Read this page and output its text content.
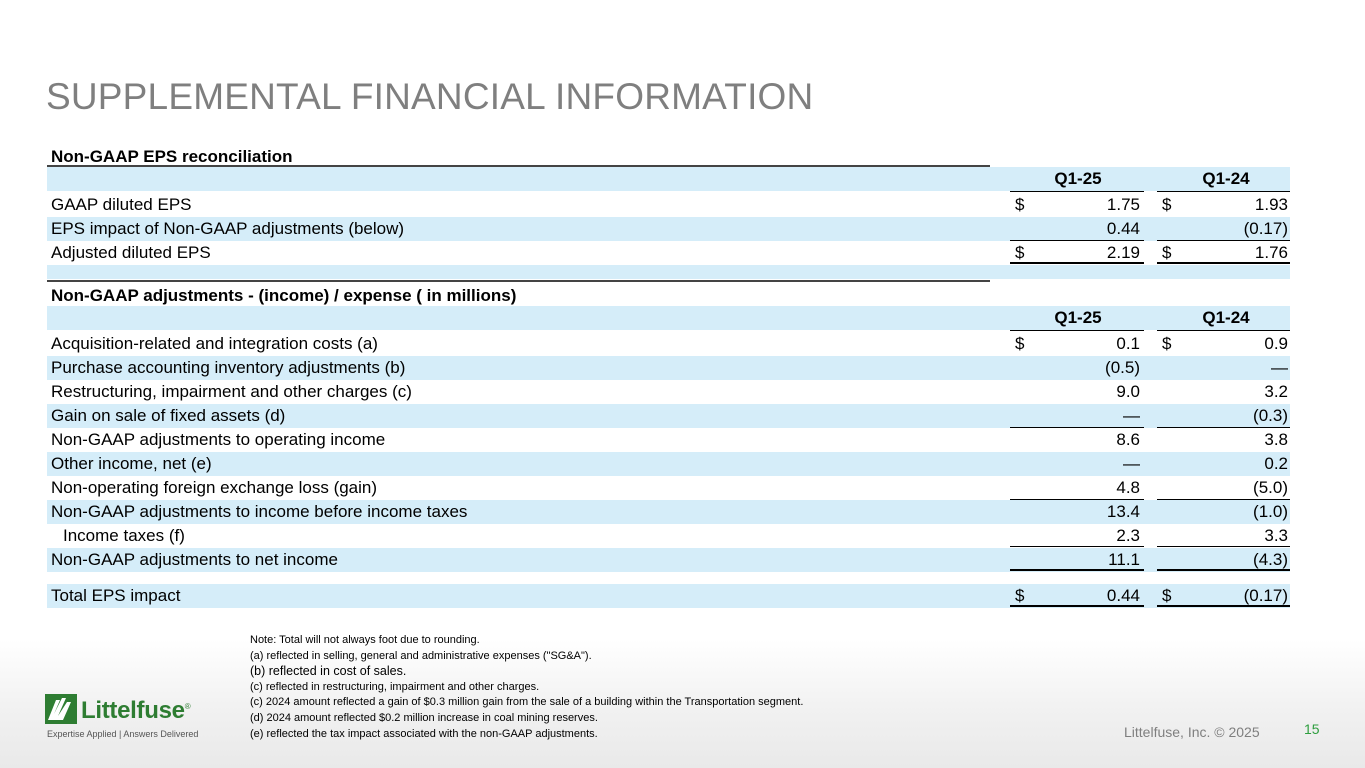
SUPPLEMENTAL FINANCIAL INFORMATION
Non-GAAP EPS reconciliation
Q1-25	Q1-24
GAAP diluted EPS	$	1.75 $	1.93
EPS impact of Non-GAAP adjustments (below)	0.44	(0.17)
Adjusted diluted EPS	$	2.19 $	1.76
Non-GAAP adjustments - (income) / expense ( in millions)
Q1-25	Q1-24
Acquisition-related and integration costs (a)	$	0.1 $	0.9
Purchase accounting inventory adjustments (b)	(0.5)	—
Restructuring, impairment and other charges (c)	9.0	3.2
Gain on sale of fixed assets (d)	—	(0.3)
Non-GAAP adjustments to operating income	8.6	3.8
Other income, net (e)	—	0.2
Non-operating foreign exchange loss (gain)	4.8	(5.0)
Non-GAAP adjustments to income before income taxes	13.4	(1.0)
Income taxes (f)	2.3	3.3
Non-GAAP adjustments to net income	11.1	(4.3)
Total EPS impact	$	0.44 $	(0.17)
Note: Total will not always foot due to rounding.
(a) reflected in selling, general and administrative expenses ("SG&A").
(b) reflected in cost of sales.
(c) reflected in restructuring, impairment and other charges.
(c) 2024 amount reflected a gain of $0.3 million gain from the sale of a building within the Transportation segment.
(d) 2024 amount reflected $0.2 million increase in coal mining reserves.
(e) reflected the tax impact associated with the non-GAAP adjustments.
Littelfuse®
Expertise Applied | Answers Delivered	Littelfuse, Inc. © 2025	15
